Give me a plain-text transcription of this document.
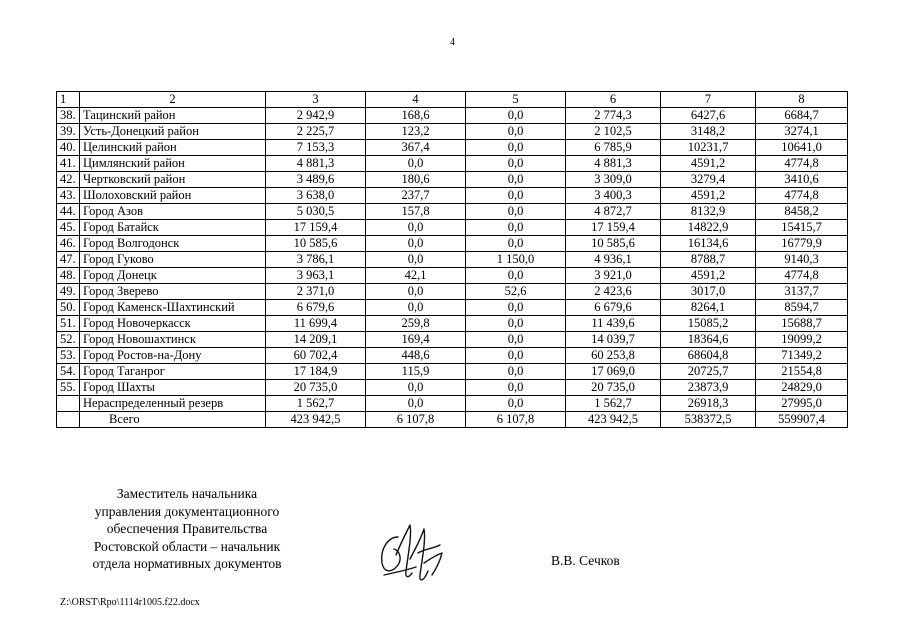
4
1	2	3	4	5	6	7	8
38.	Тацинский район	2 942,9	168,6	0,0	2 774,3	6427,6	6684,7
39.	Усть-Донецкий район	2 225,7	123,2	0,0	2 102,5	3148,2	3274,1
40.	Целинский район	7 153,3	367,4	0,0	6 785,9	10231,7	10641,0
41.	Цимлянский район	4 881,3	0,0	0,0	4 881,3	4591,2	4774,8
42.	Чертковский район	3 489,6	180,6	0,0	3 309,0	3279,4	3410,6
43.	Шолоховский район	3 638,0	237,7	0,0	3 400,3	4591,2	4774,8
44.	Город Азов	5 030,5	157,8	0,0	4 872,7	8132,9	8458,2
45.	Город Батайск	17 159,4	0,0	0,0	17 159,4	14822,9	15415,7
46.	Город Волгодонск	10 585,6	0,0	0,0	10 585,6	16134,6	16779,9
47.	Город Гуково	3 786,1	0,0	1 150,0	4 936,1	8788,7	9140,3
48.	Город Донецк	3 963,1	42,1	0,0	3 921,0	4591,2	4774,8
49.	Город Зверево	2 371,0	0,0	52,6	2 423,6	3017,0	3137,7
50.	Город Каменск-Шахтинский	6 679,6	0,0	0,0	6 679,6	8264,1	8594,7
51.	Город Новочеркасск	11 699,4	259,8	0,0	11 439,6	15085,2	15688,7
52.	Город Новошахтинск	14 209,1	169,4	0,0	14 039,7	18364,6	19099,2
53.	Город Ростов-на-Дону	60 702,4	448,6	0,0	60 253,8	68604,8	71349,2
54.	Город Таганрог	17 184,9	115,9	0,0	17 069,0	20725,7	21554,8
55.	Город Шахты	20 735,0	0,0	0,0	20 735,0	23873,9	24829,0
	Нераспределенный резерв	1 562,7	0,0	0,0	1 562,7	26918,3	27995,0
	Всего	423 942,5	6 107,8	6 107,8	423 942,5	538372,5	559907,4
Заместитель начальника
управления документационного
обеспечения Правительства
Ростовской области – начальник
отдела нормативных документов	В.В. Сечков
Z:\ORST\Rpo\1114r1005.f22.docx
